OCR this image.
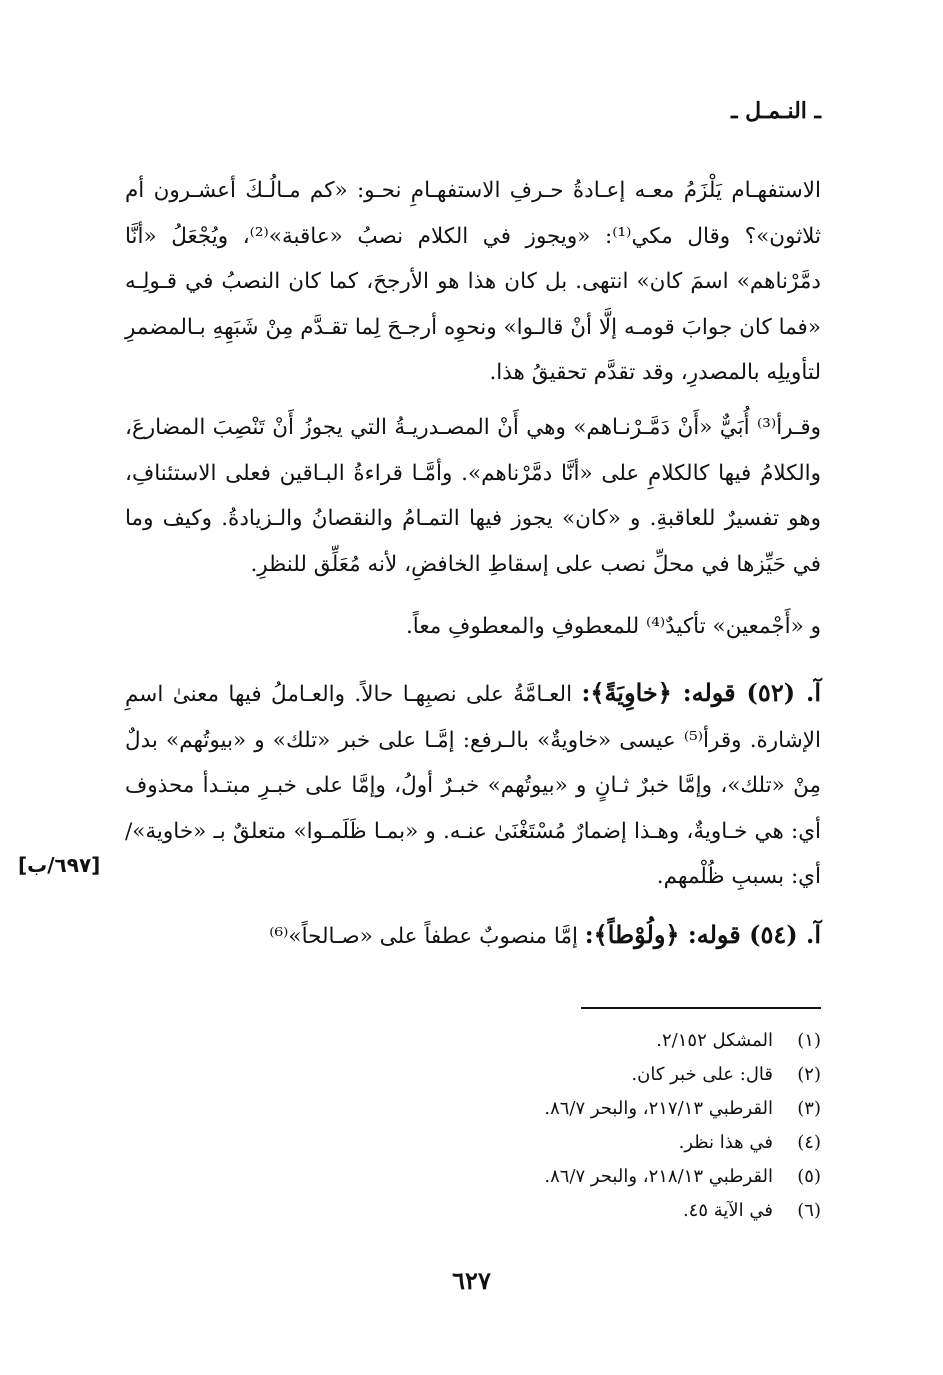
ـ النـمـل ـ

الاستفهـام يَلْزَمُ معـه إعـادةُ حـرفِ الاستفهـامِ نحـو: «كم مـالُـكَ أعشـرون أم ثلاثون»؟ وقال مكي⁽¹⁾: «ويجوز في الكلام نصبُ «عاقبة»⁽²⁾، ويُجْعَلُ «أنَّا دمَّرْناهم» اسمَ كان» انتهى. بل كان هذا هو الأرجحَ، كما كان النصبُ في قـولِـه «فما كان جوابَ قومـه إلَّا أنْ قالـوا» ونحوِه أرجـحَ لِما تقـدَّم مِنْ شَبَهِهِ بـالمضمرِ لتأويلِه بالمصدرِ، وقد تقدَّم تحقيقُ هذا.

وقـرأ⁽³⁾ أُبَيٌّ «أَنْ دَمَّـرْنـاهم» وهي أَنْ المصـدريـةُ التي يجوزُ أَنْ تَنْصِبَ المضارعَ، والكلامُ فيها كالكلامِ على «أنَّا دمَّرْناهم». وأمَّـا قراءةُ البـاقين فعلى الاستئنافِ، وهو تفسيرٌ للعاقبةِ. و «كان» يجوز فيها التمـامُ والنقصانُ والـزيادةُ. وكيف وما في حَيِّزها في محلِّ نصب على إسقاطِ الخافضِ، لأنه مُعَلِّق للنظرِ.

و «أَجْمعين» تأكيدٌ⁽⁴⁾ للمعطوفِ والمعطوفِ معاً.

آ. (٥٢) قوله: ﴿خاوِيَةً﴾: العـامَّةُ على نصبِهـا حالاً. والعـاملُ فيها معنىٰ اسمِ الإشارة. وقرأ⁽⁵⁾ عيسى «خاويةٌ» بالـرفع: إمَّـا على خبر «تلك» و «بيوتُهم» بدلٌ مِنْ «تلك»، وإمَّا خبرٌ ثـانٍ و «بيوتُهم» خبـرٌ أولُ، وإمَّا على خبـرِ مبتـدأ محذوف أي: هي خـاويةٌ، وهـذا إضمارٌ مُسْتَغْنَىٰ عنـه. و «بمـا ظَلَمـوا» متعلقٌ بـ «خاوية»/ أي: بسببِ ظُلْمهم.

[٦٩٧/ب]

آ. (٥٤) قوله: ﴿ولُوْطاً﴾: إمَّا منصوبٌ عطفاً على «صـالحاً»⁽⁶⁾

(١)المشكل ٢/١٥٢.
(٢)قال: على خبر كان.
(٣)القرطبي ٢١٧/١٣، والبحر ٨٦/٧.
(٤)في هذا نظر.
(٥)القرطبي ٢١٨/١٣، والبحر ٨٦/٧.
(٦)في الآية ٤٥.
٦٢٧
